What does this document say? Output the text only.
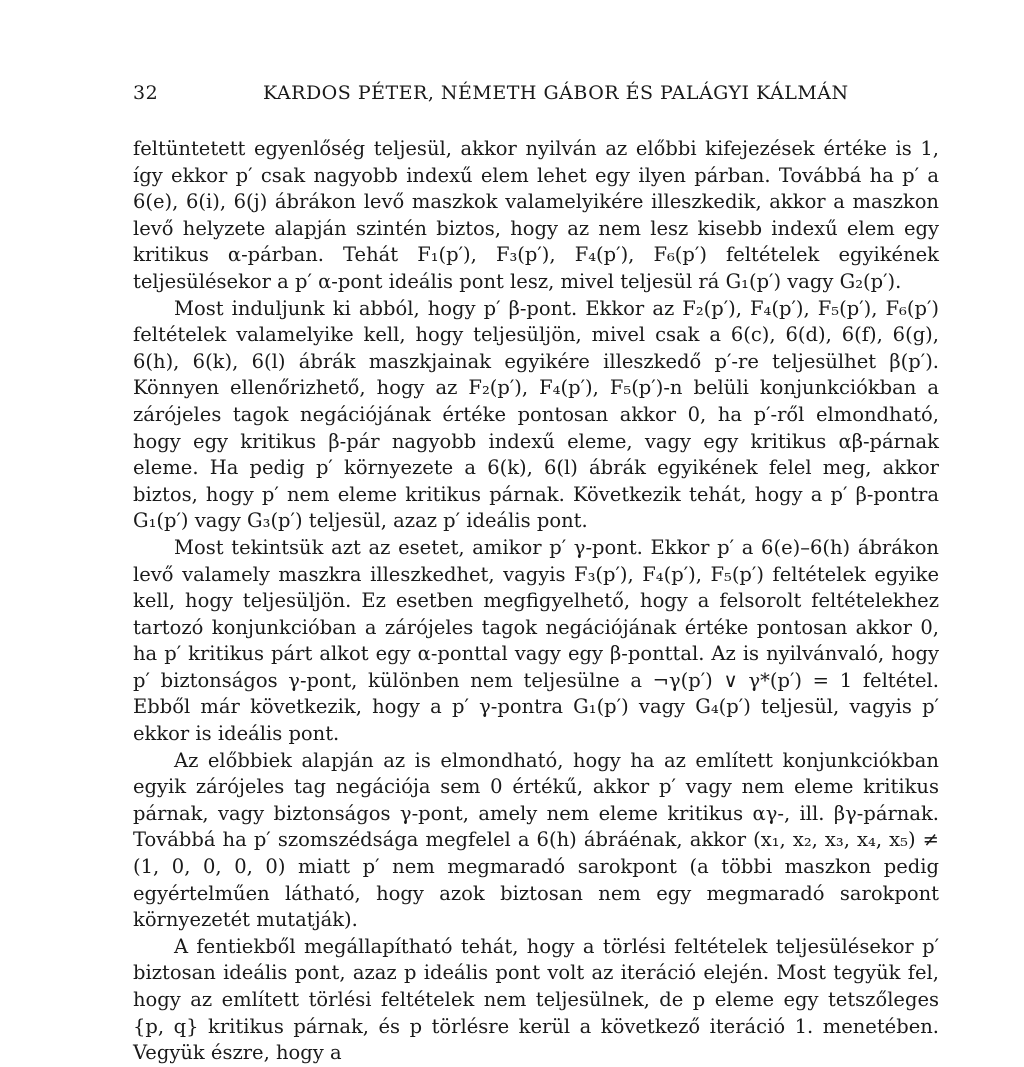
32	KARDOS PÉTER, NÉMETH GÁBOR ÉS PALÁGYI KÁLMÁN

feltüntetett egyenlőség teljesül, akkor nyilván az előbbi kifejezések értéke is 1, így ekkor p′ csak nagyobb indexű elem lehet egy ilyen párban. Továbbá ha p′ a 6(e), 6(i), 6(j) ábrákon levő maszkok valamelyikére illeszkedik, akkor a maszkon levő helyzete alapján szintén biztos, hogy az nem lesz kisebb indexű elem egy kritikus α-párban. Tehát F₁(p′), F₃(p′), F₄(p′), F₆(p′) feltételek egyikének teljesülésekor a p′ α-pont ideális pont lesz, mivel teljesül rá G₁(p′) vagy G₂(p′).

Most induljunk ki abból, hogy p′ β-pont. Ekkor az F₂(p′), F₄(p′), F₅(p′), F₆(p′) feltételek valamelyike kell, hogy teljesüljön, mivel csak a 6(c), 6(d), 6(f), 6(g), 6(h), 6(k), 6(l) ábrák maszkjainak egyikére illeszkedő p′-re teljesülhet β(p′). Könnyen ellenőrizhető, hogy az F₂(p′), F₄(p′), F₅(p′)-n belüli konjunkciókban a zárójeles tagok negációjának értéke pontosan akkor 0, ha p′-ről elmondható, hogy egy kritikus β-pár nagyobb indexű eleme, vagy egy kritikus αβ-párnak eleme. Ha pedig p′ környezete a 6(k), 6(l) ábrák egyikének felel meg, akkor biztos, hogy p′ nem eleme kritikus párnak. Következik tehát, hogy a p′ β-pontra G₁(p′) vagy G₃(p′) teljesül, azaz p′ ideális pont.

Most tekintsük azt az esetet, amikor p′ γ-pont. Ekkor p′ a 6(e)–6(h) ábrákon levő valamely maszkra illeszkedhet, vagyis F₃(p′), F₄(p′), F₅(p′) feltételek egyike kell, hogy teljesüljön. Ez esetben megfigyelhető, hogy a felsorolt feltételekhez tartozó konjunkcióban a zárójeles tagok negációjának értéke pontosan akkor 0, ha p′ kritikus párt alkot egy α-ponttal vagy egy β-ponttal. Az is nyilvánvaló, hogy p′ biztonságos γ-pont, különben nem teljesülne a ¬γ(p′) ∨ γ*(p′) = 1 feltétel. Ebből már következik, hogy a p′ γ-pontra G₁(p′) vagy G₄(p′) teljesül, vagyis p′ ekkor is ideális pont.

Az előbbiek alapján az is elmondható, hogy ha az említett konjunkciókban egyik zárójeles tag negációja sem 0 értékű, akkor p′ vagy nem eleme kritikus párnak, vagy biztonságos γ-pont, amely nem eleme kritikus αγ-, ill. βγ-párnak. Továbbá ha p′ szomszédsága megfelel a 6(h) ábráénak, akkor (x₁, x₂, x₃, x₄, x₅) ≠ (1, 0, 0, 0, 0) miatt p′ nem megmaradó sarokpont (a többi maszkon pedig egyértelműen látható, hogy azok biztosan nem egy megmaradó sarokpont környezetét mutatják).

A fentiekből megállapítható tehát, hogy a törlési feltételek teljesülésekor p′ biztosan ideális pont, azaz p ideális pont volt az iteráció elején. Most tegyük fel, hogy az említett törlési feltételek nem teljesülnek, de p eleme egy tetszőleges {p, q} kritikus párnak, és p törlésre kerül a következő iteráció 1. menetében. Vegyük észre, hogy a
